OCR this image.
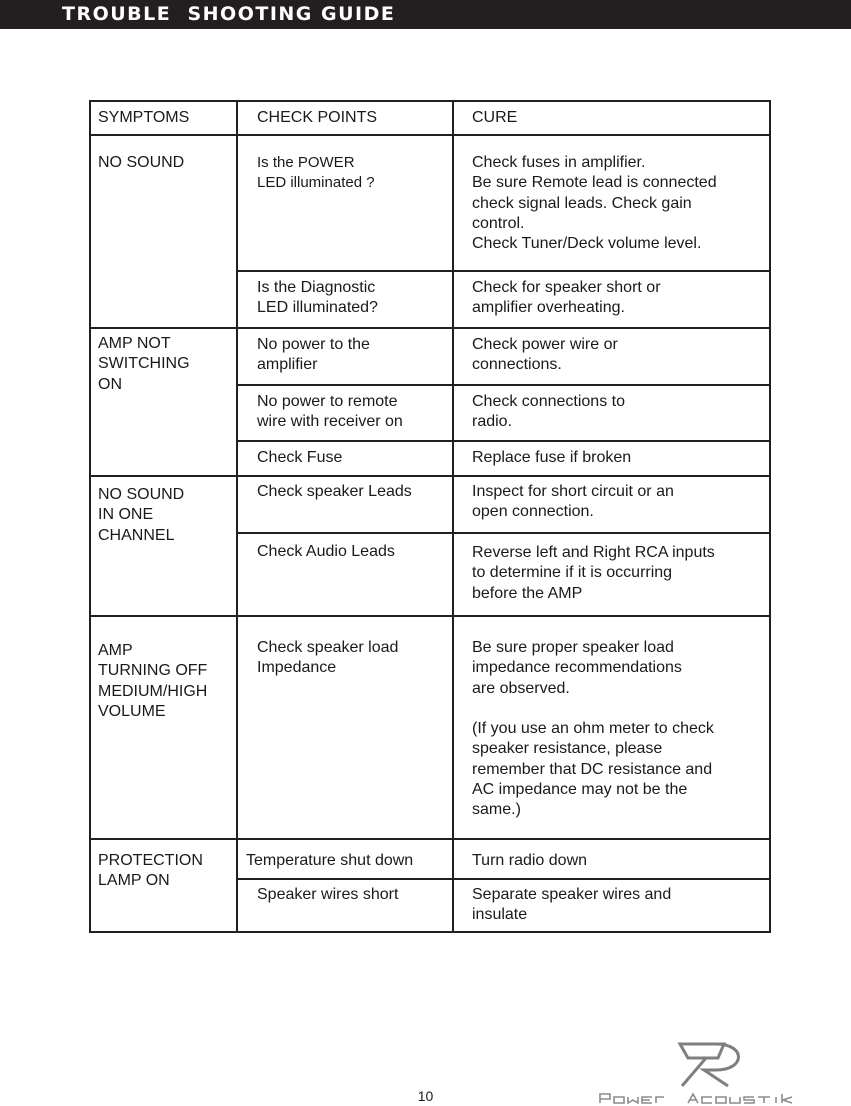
TROUBLE  SHOOTING GUIDE
SYMPTOMS	CHECK POINTS	CURE
NO SOUND
AMP NOT
SWITCHING
ON
NO SOUND
IN ONE
CHANNEL
AMP
TURNING OFF
MEDIUM/HIGH
VOLUME
PROTECTION
LAMP ON
Is the POWER
LED illuminated ?
Is the Diagnostic
LED illuminated?
No power to the
amplifier
No power to remote
wire with receiver on
Check Fuse
Check speaker Leads
Check Audio Leads
Check speaker load
Impedance
Temperature shut down
Speaker wires short
Check fuses in amplifier.
Be sure Remote lead is connected
check signal leads. Check gain
control.
Check Tuner/Deck volume level.
Check for speaker short or
amplifier overheating.
Check power wire or
connections.
Check connections to
radio.
Replace fuse if broken
Inspect for short circuit or an
open connection.
Reverse left and Right RCA inputs
to determine if it is occurring
before the AMP
Be sure proper speaker load
impedance recommendations
are observed.

(If you use an ohm meter to check
speaker resistance, please
remember that DC resistance and
AC impedance may not be the
same.)
Turn radio down
Separate speaker wires and
insulate
10
